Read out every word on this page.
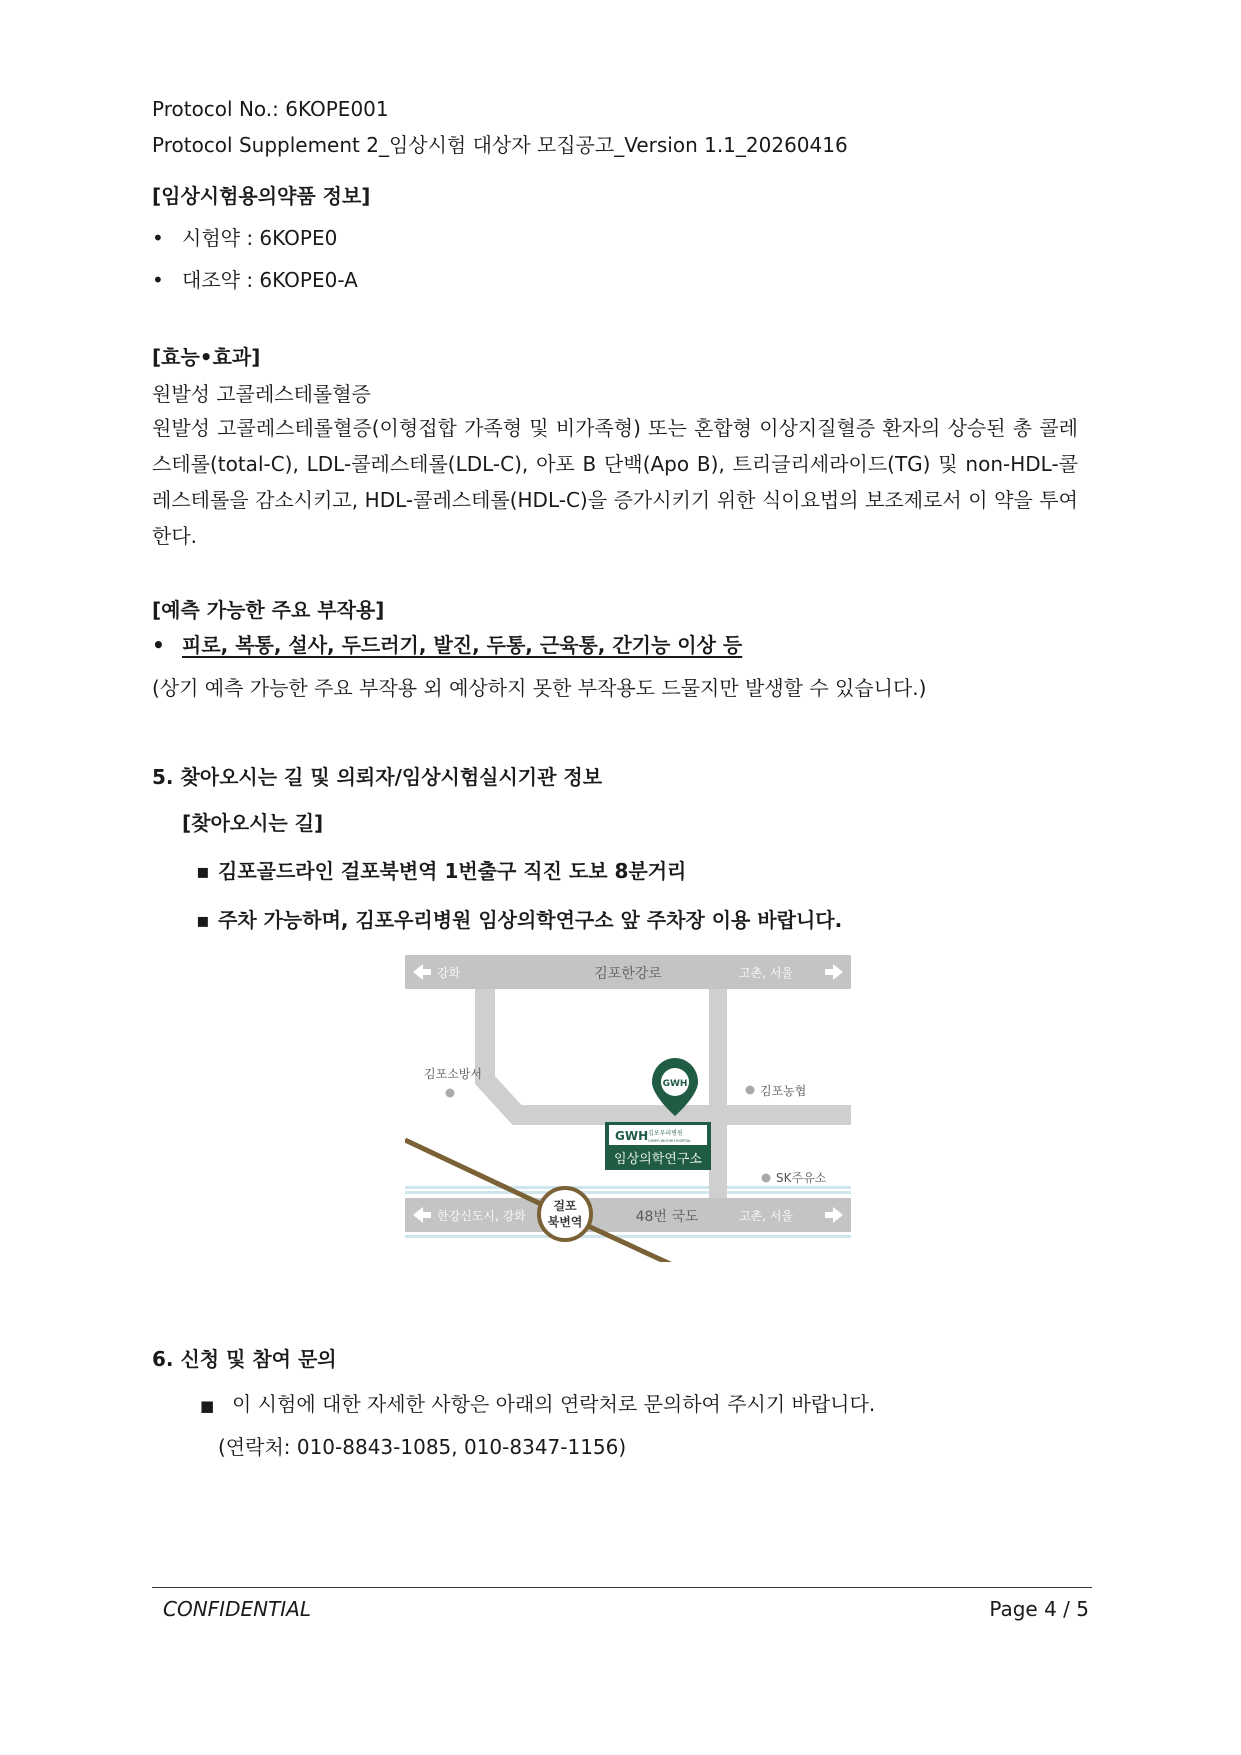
Protocol No.: 6KOPE001
Protocol Supplement 2_임상시험 대상자 모집공고_Version 1.1_20260416
[임상시험용의약품 정보]
• 시험약 : 6KOPE0
• 대조약 : 6KOPE0-A
[효능•효과]
원발성 고콜레스테롤혈증
원발성 고콜레스테롤혈증(이형접합 가족형 및 비가족형) 또는 혼합형 이상지질혈증 환자의 상승된 총 콜레스테롤(total-C), LDL-콜레스테롤(LDL-C), 아포 B 단백(Apo B), 트리글리세라이드(TG) 및 non-HDL-콜레스테롤을 감소시키고, HDL-콜레스테롤(HDL-C)을 증가시키기 위한 식이요법의 보조제로서 이 약을 투여한다.
[예측 가능한 주요 부작용]
• 피로, 복통, 설사, 두드러기, 발진, 두통, 근육통, 간기능 이상 등
(상기 예측 가능한 주요 부작용 외 예상하지 못한 부작용도 드물지만 발생할 수 있습니다.)
5. 찾아오시는 길 및 의뢰자/임상시험실시기관 정보
[찾아오시는 길]
▪ 김포골드라인 걸포북변역 1번출구 직진 도보 8분거리
▪ 주차 가능하며, 김포우리병원 임상의학연구소 앞 주차장 이용 바랍니다.
강화	김포한강로	고촌, 서울
김포소방서
김포농협
SK주유소
GWH
GWH 김포우리병원
GIMPO WOORI HOSPITAL
임상의학연구소
김포골드
걸포
북변역
한강신도시, 강화	48번 국도	고촌, 서울
6. 신청 및 참여 문의
■ 이 시험에 대한 자세한 사항은 아래의 연락처로 문의하여 주시기 바랍니다.
(연락처: 010-8843-1085, 010-8347-1156)
CONFIDENTIAL	Page 4 / 5
